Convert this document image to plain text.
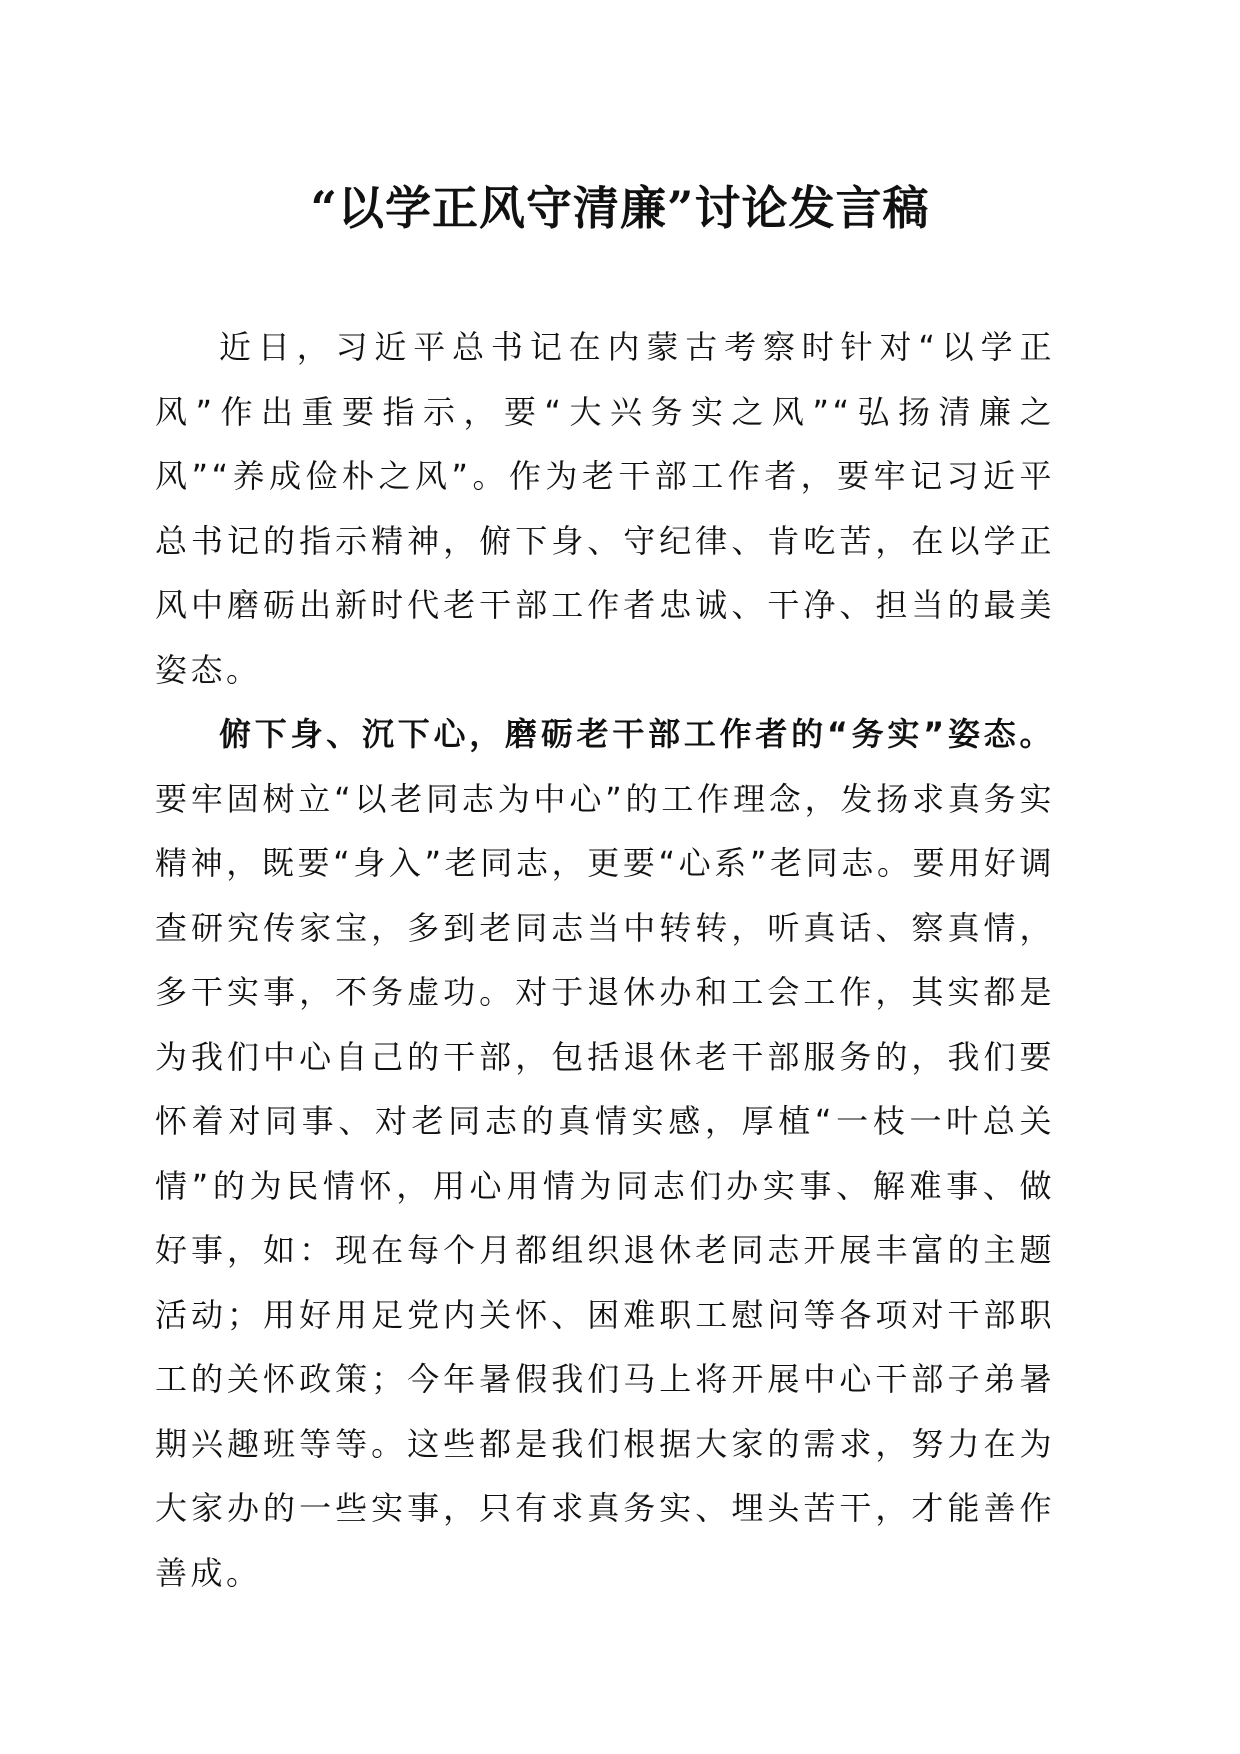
“以学正风守清廉”讨论发言稿

近日，习近平总书记在内蒙古考察时针对“以学正风”作出重要指示，要“大兴务实之风”“弘扬清廉之风”“养成俭朴之风”。作为老干部工作者，要牢记习近平总书记的指示精神，俯下身、守纪律、肯吃苦，在以学正风中磨砺出新时代老干部工作者忠诚、干净、担当的最美姿态。

俯下身、沉下心，磨砺老干部工作者的“务实”姿态。要牢固树立“以老同志为中心”的工作理念，发扬求真务实精神，既要“身入”老同志，更要“心系”老同志。要用好调查研究传家宝，多到老同志当中转转，听真话、察真情，多干实事，不务虚功。对于退休办和工会工作，其实都是为我们中心自己的干部，包括退休老干部服务的，我们要怀着对同事、对老同志的真情实感，厚植“一枝一叶总关情”的为民情怀，用心用情为同志们办实事、解难事、做好事，如：现在每个月都组织退休老同志开展丰富的主题活动；用好用足党内关怀、困难职工慰问等各项对干部职工的关怀政策；今年暑假我们马上将开展中心干部子弟暑期兴趣班等等。这些都是我们根据大家的需求，努力在为大家办的一些实事，只有求真务实、埋头苦干，才能善作善成。
